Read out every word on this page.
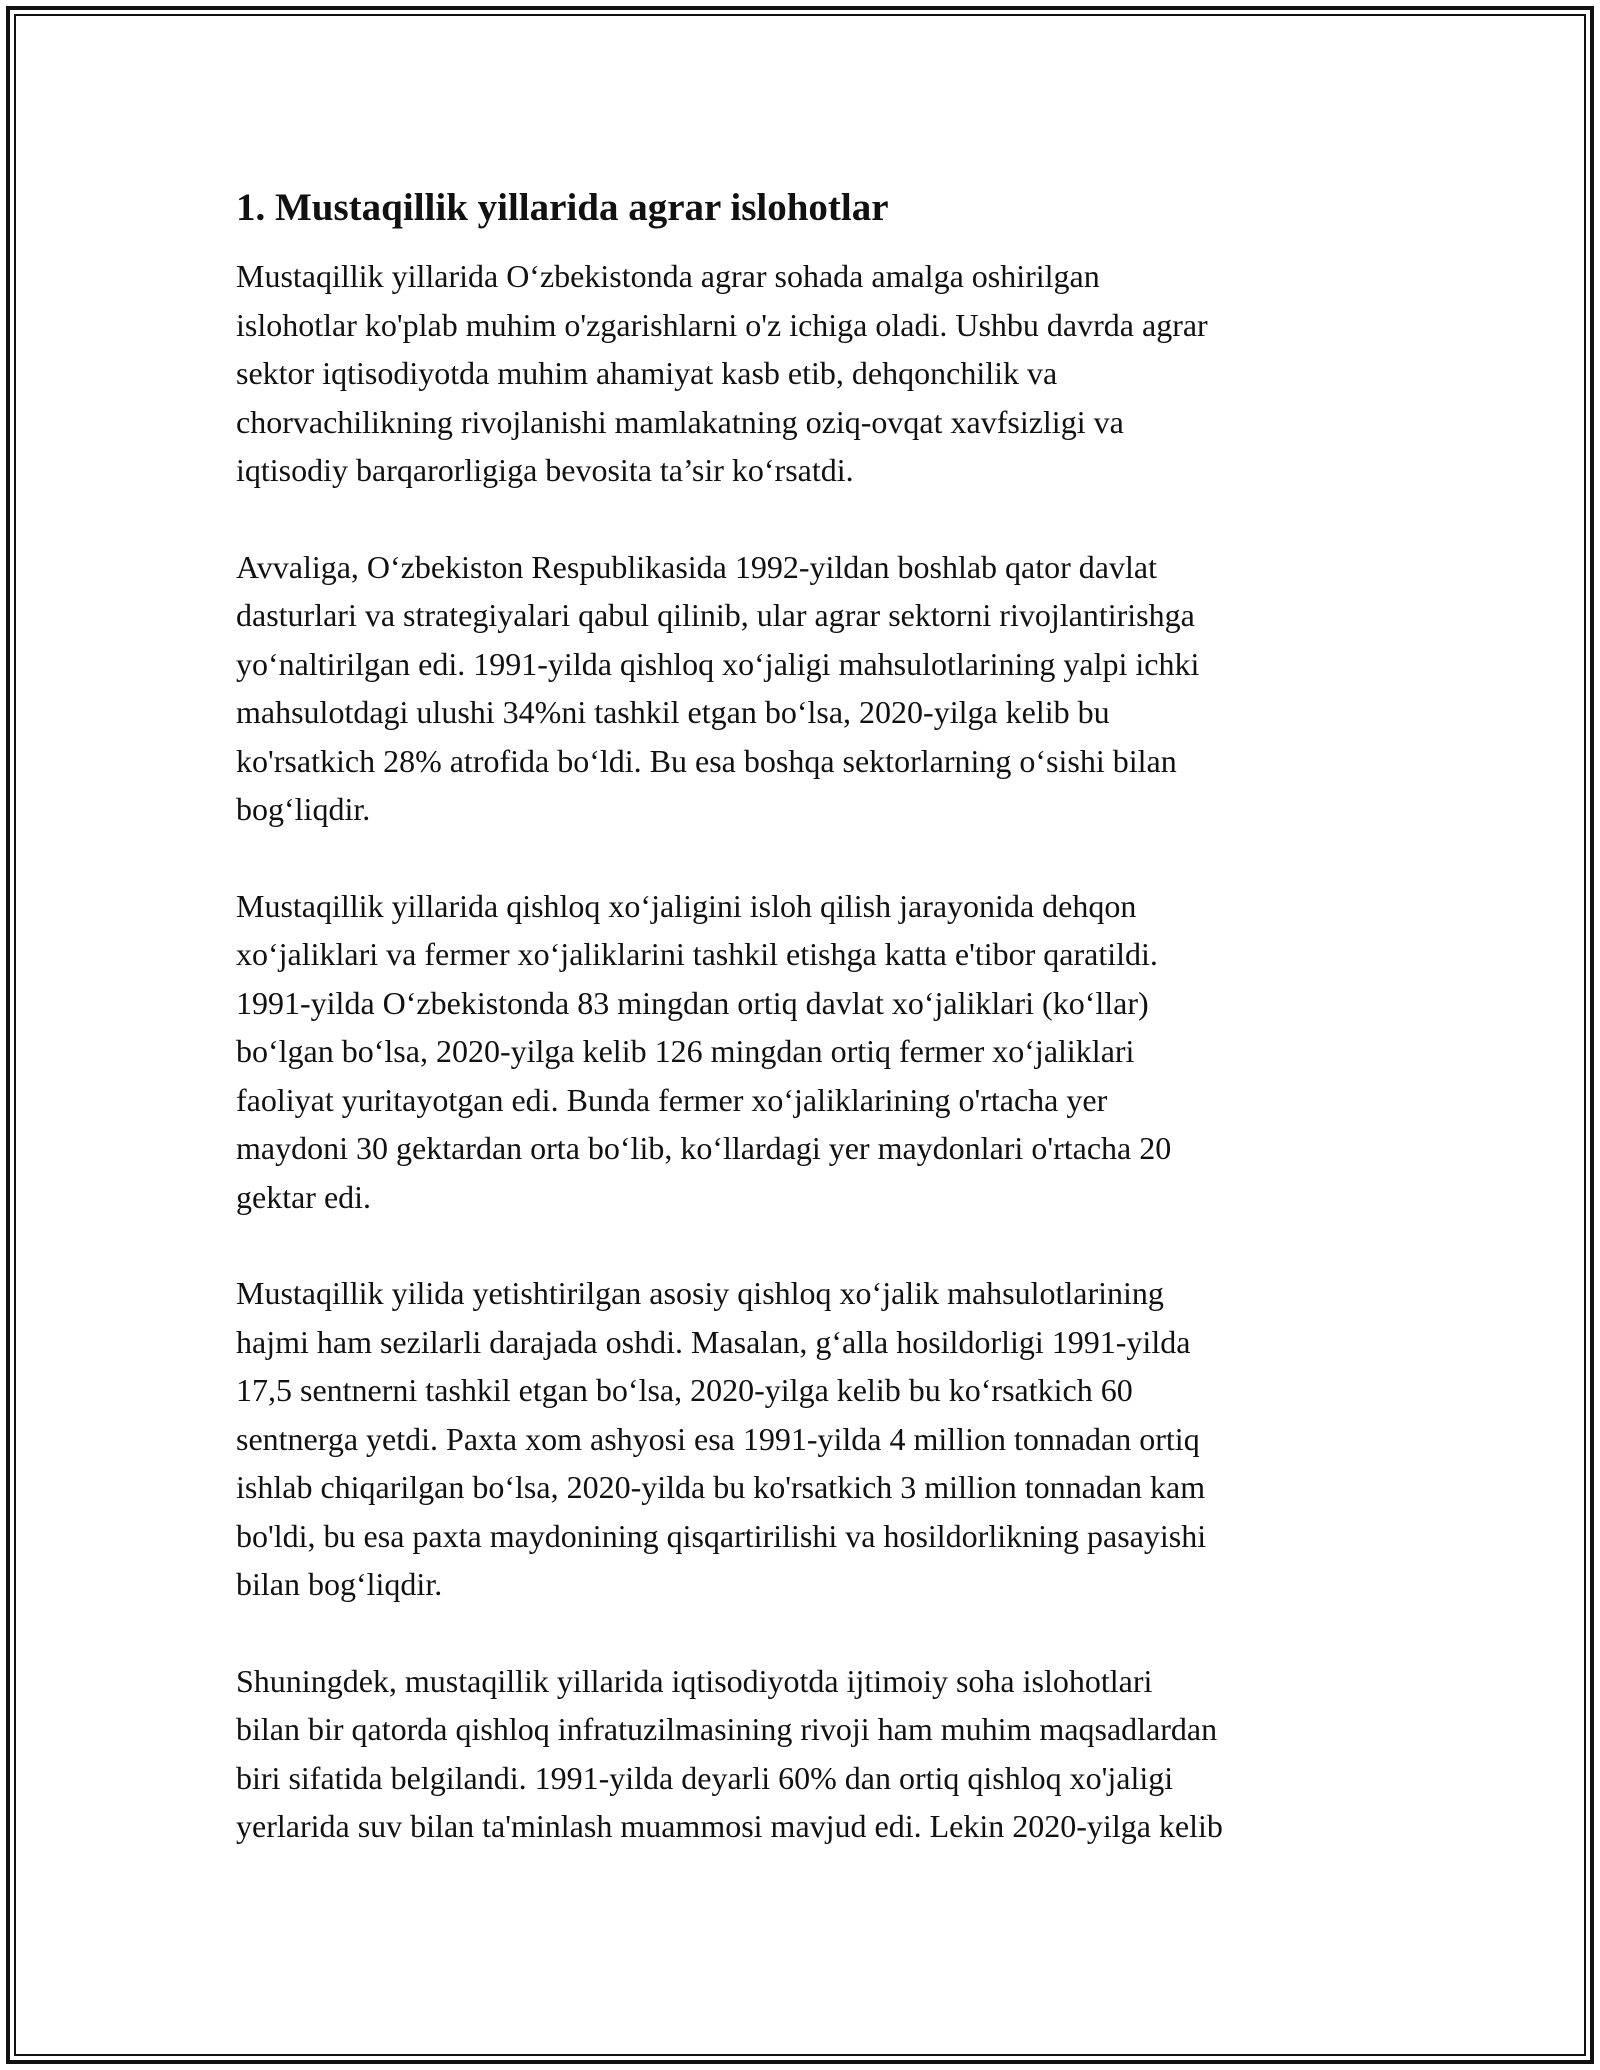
1. Mustaqillik yillarida agrar islohotlar

Mustaqillik yillarida O‘zbekistonda agrar sohada amalga oshirilgan
islohotlar ko'plab muhim o'zgarishlarni o'z ichiga oladi. Ushbu davrda agrar
sektor iqtisodiyotda muhim ahamiyat kasb etib, dehqonchilik va
chorvachilikning rivojlanishi mamlakatning oziq-ovqat xavfsizligi va
iqtisodiy barqarorligiga bevosita ta’sir ko‘rsatdi.

Avvaliga, O‘zbekiston Respublikasida 1992-yildan boshlab qator davlat
dasturlari va strategiyalari qabul qilinib, ular agrar sektorni rivojlantirishga
yo‘naltirilgan edi. 1991-yilda qishloq xo‘jaligi mahsulotlarining yalpi ichki
mahsulotdagi ulushi 34%ni tashkil etgan bo‘lsa, 2020-yilga kelib bu
ko'rsatkich 28% atrofida bo‘ldi. Bu esa boshqa sektorlarning o‘sishi bilan
bog‘liqdir.

Mustaqillik yillarida qishloq xo‘jaligini isloh qilish jarayonida dehqon
xo‘jaliklari va fermer xo‘jaliklarini tashkil etishga katta e'tibor qaratildi.
1991-yilda O‘zbekistonda 83 mingdan ortiq davlat xo‘jaliklari (ko‘llar)
bo‘lgan bo‘lsa, 2020-yilga kelib 126 mingdan ortiq fermer xo‘jaliklari
faoliyat yuritayotgan edi. Bunda fermer xo‘jaliklarining o'rtacha yer
maydoni 30 gektardan orta bo‘lib, ko‘llardagi yer maydonlari o'rtacha 20
gektar edi.

Mustaqillik yilida yetishtirilgan asosiy qishloq xo‘jalik mahsulotlarining
hajmi ham sezilarli darajada oshdi. Masalan, g‘alla hosildorligi 1991-yilda
17,5 sentnerni tashkil etgan bo‘lsa, 2020-yilga kelib bu ko‘rsatkich 60
sentnerga yetdi. Paxta xom ashyosi esa 1991-yilda 4 million tonnadan ortiq
ishlab chiqarilgan bo‘lsa, 2020-yilda bu ko'rsatkich 3 million tonnadan kam
bo'ldi, bu esa paxta maydonining qisqartirilishi va hosildorlikning pasayishi
bilan bog‘liqdir.

Shuningdek, mustaqillik yillarida iqtisodiyotda ijtimoiy soha islohotlari
bilan bir qatorda qishloq infratuzilmasining rivoji ham muhim maqsadlardan
biri sifatida belgilandi. 1991-yilda deyarli 60% dan ortiq qishloq xo'jaligi
yerlarida suv bilan ta'minlash muammosi mavjud edi. Lekin 2020-yilga kelib
